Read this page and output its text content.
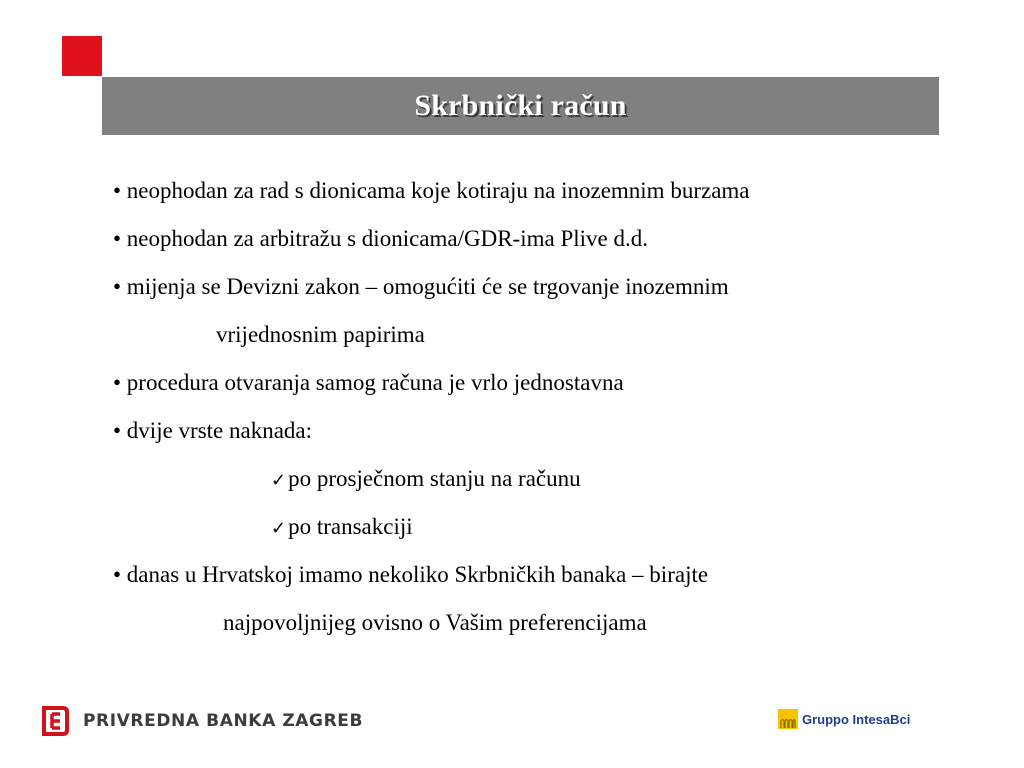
Skrbnički račun
• neophodan za rad s dionicama koje kotiraju na inozemnim burzama
• neophodan za arbitražu s dionicama/GDR-ima Plive d.d.
• mijenja se Devizni zakon – omogućiti će se trgovanje inozemnim
vrijednosnim papirima
• procedura otvaranja samog računa je vrlo jednostavna
• dvije vrste naknada:
✓po prosječnom stanju na računu
✓po transakciji
• danas u Hrvatskoj imamo nekoliko Skrbničkih banaka – birajte
najpovoljnijeg ovisno o Vašim preferencijama
PRIVREDNA BANKA ZAGREB	Gruppo IntesaBci
